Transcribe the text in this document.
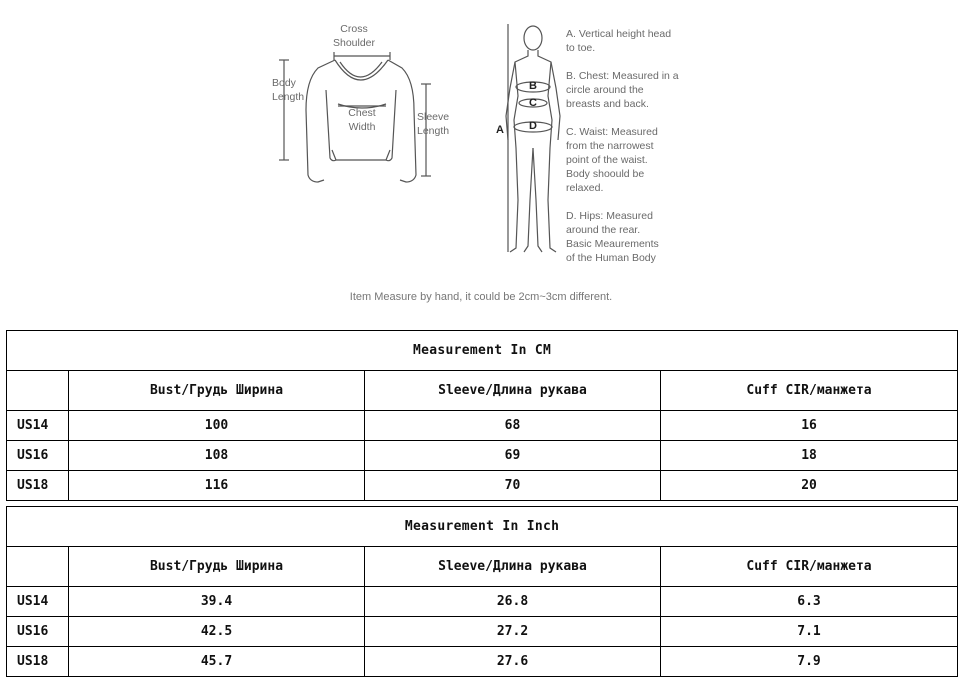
Cross
Shoulder
Body
Length
Chest
Width
Sleeve
Length	A
B
C
D
A. Vertical height head
to toe.
B. Chest: Measured in a
circle around the
breasts and back.
C. Waist: Measured
from the narrowest
point of the waist.
Body shoould be
relaxed.
D. Hips: Measured
around the rear.
Basic Meaurements
of the Human Body
Item Measure by hand, it could be 2cm~3cm different.
Measurement In CM			
	Bust/Грудь Ширина	Sleeve/Длина рукава	Cuff CIR/манжета
US14	100	68	16
US16	108	69	18
US18	116	70	20
Measurement In Inch			
	Bust/Грудь Ширина	Sleeve/Длина рукава	Cuff CIR/манжета
US14	39.4	26.8	6.3
US16	42.5	27.2	7.1
US18	45.7	27.6	7.9
